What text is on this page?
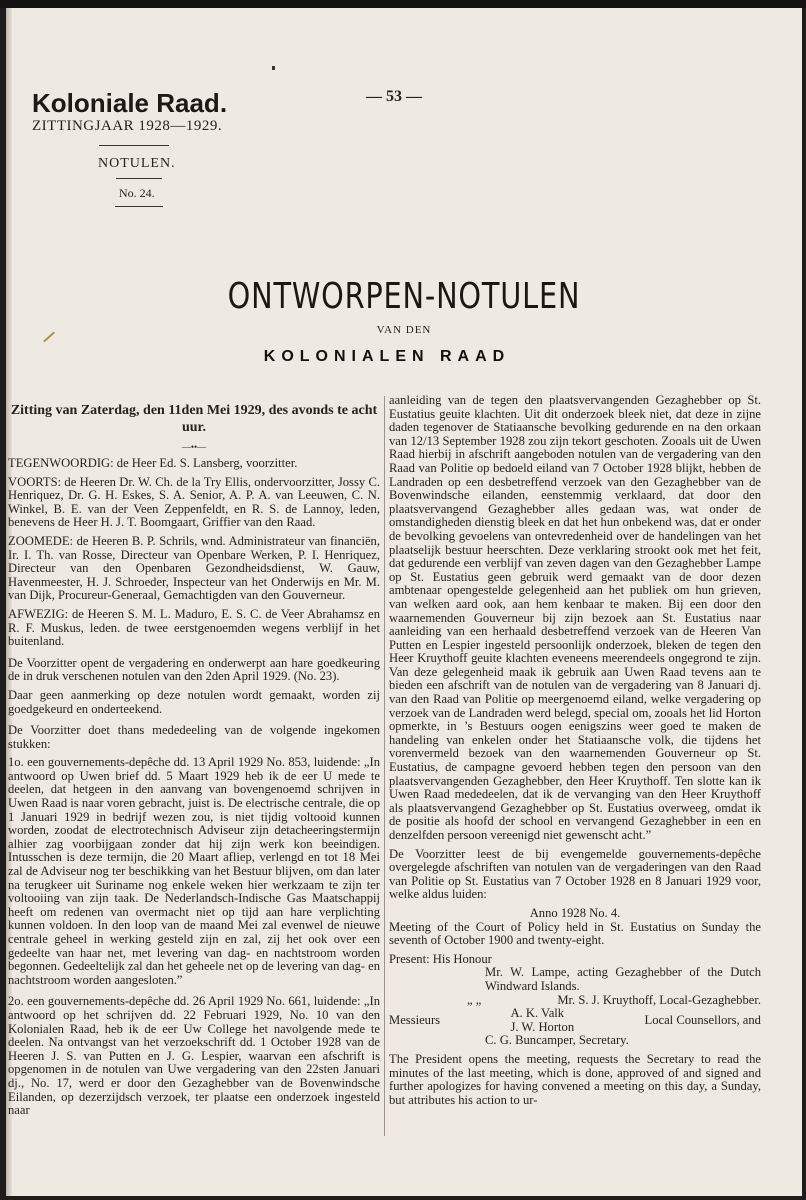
Koloniale Raad.	— 53 —
ZITTINGJAAR 1928—1929.
NOTULEN.
No. 24.
ONTWORPEN-NOTULEN
VAN DEN
KOLONIALEN RAAD
Zitting van Zaterdag, den 11den Mei 1929, des avonds te acht uur.
—••—
TEGENWOORDIG: de Heer Ed. S. Lansberg, voorzitter.
VOORTS: de Heeren Dr. W. Ch. de la Try Ellis, ondervoorzitter, Jossy C. Henriquez, Dr. G. H. Eskes, S. A. Senior, A. P. A. van Leeuwen, C. N. Winkel, B. E. van der Veen Zeppenfeldt, en R. S. de Lannoy, leden, benevens de Heer H. J. T. Boomgaart, Griffier van den Raad.
ZOOMEDE: de Heeren B. P. Schrils, wnd. Administrateur van financiën, Ir. I. Th. van Rosse, Directeur van Openbare Werken, P. I. Henriquez, Directeur van den Openbaren Gezondheidsdienst, W. Gauw, Havenmeester, H. J. Schroeder, Inspecteur van het Onderwijs en Mr. M. van Dijk, Procureur-Generaal, Gemachtigden van den Gouverneur.
AFWEZIG: de Heeren S. M. L. Maduro, E. S. C. de Veer Abrahamsz en R. F. Muskus, leden. de twee eerstgenoemden wegens verblijf in het buitenland.
De Voorzitter opent de vergadering en onderwerpt aan hare goedkeuring de in druk verschenen notulen van den 2den April 1929. (No. 23).
Daar geen aanmerking op deze notulen wordt gemaakt, worden zij goedgekeurd en onderteekend.
De Voorzitter doet thans mededeeling van de volgende ingekomen stukken:
1o. een gouvernements-depêche dd. 13 April 1929 No. 853, luidende: „In antwoord op Uwen brief dd. 5 Maart 1929 heb ik de eer U mede te deelen, dat hetgeen in den aanvang van bovengenoemd schrijven in Uwen Raad is naar voren gebracht, juist is. De electrische centrale, die op 1 Januari 1929 in bedrijf wezen zou, is niet tijdig voltooid kunnen worden, zoodat de electrotechnisch Adviseur zijn detacheeringstermijn alhier zag voorbijgaan zonder dat hij zijn werk kon beeindigen. Intusschen is deze termijn, die 20 Maart afliep, verlengd en tot 18 Mei zal de Adviseur nog ter beschikking van het Bestuur blijven, om dan later na terugkeer uit Suriname nog enkele weken hier werkzaam te zijn ter voltooiing van zijn taak. De Nederlandsch-Indische Gas Maatschappij heeft om redenen van overmacht niet op tijd aan hare verplichting kunnen voldoen. In den loop van de maand Mei zal evenwel de nieuwe centrale geheel in werking gesteld zijn en zal, zij het ook over een gedeelte van haar net, met levering van dag- en nachtstroom worden begonnen. Gedeeltelijk zal dan het geheele net op de levering van dag- en nachtstroom worden aangesloten.”
2o. een gouvernements-depêche dd. 26 April 1929 No. 661, luidende: „In antwoord op het schrijven dd. 22 Februari 1929, No. 10 van den Kolonialen Raad, heb ik de eer Uw College het navolgende mede te deelen. Na ontvangst van het verzoekschrift dd. 1 October 1928 van de Heeren J. S. van Putten en J. G. Lespier, waarvan een afschrift is opgenomen in de notulen van Uwe vergadering van den 22sten Januari dj., No. 17, werd er door den Gezaghebber van de Bovenwindsche Eilanden, op dezerzijdsch verzoek, ter plaatse een onderzoek ingesteld naar
aanleiding van de tegen den plaatsvervangenden Gezaghebber op St. Eustatius geuite klachten. Uit dit onderzoek bleek niet, dat deze in zijne daden tegenover de Statiaansche bevolking gedurende en na den orkaan van 12/13 September 1928 zou zijn tekort geschoten. Zooals uit de Uwen Raad hierbij in afschrift aangeboden notulen van de vergadering van den Raad van Politie op bedoeld eiland van 7 October 1928 blijkt, hebben de Landraden op een desbetreffend verzoek van den Gezaghebber van de Bovenwindsche eilanden, eenstemmig verklaard, dat door den plaatsvervangend Gezaghebber alles gedaan was, wat onder de omstandigheden dienstig bleek en dat het hun onbekend was, dat er onder de bevolking gevoelens van ontevredenheid over de handelingen van het plaatselijk bestuur heerschten. Deze verklaring strookt ook met het feit, dat gedurende een verblijf van zeven dagen van den Gezaghebber Lampe op St. Eustatius geen gebruik werd gemaakt van de door dezen ambtenaar opengestelde gelegenheid aan het publiek om hun grieven, van welken aard ook, aan hem kenbaar te maken. Bij een door den waarnemenden Gouverneur bij zijn bezoek aan St. Eustatius naar aanleiding van een herhaald desbetreffend verzoek van de Heeren Van Putten en Lespier ingesteld persoonlijk onderzoek, bleken de tegen den Heer Kruythoff geuite klachten eveneens meerendeels ongegrond te zijn. Van deze gelegenheid maak ik gebruik aan Uwen Raad tevens aan te bieden een afschrift van de notulen van de vergadering van 8 Januari dj. van den Raad van Politie op meergenoemd eiland, welke vergadering op verzoek van de Landraden werd belegd, special om, zooals het lid Horton opmerkte, in ’s Bestuurs oogen eenigszins weer goed te maken de handeling van enkelen onder het Statiaansche volk, die tijdens het vorenvermeld bezoek van den waarnemenden Gouverneur op St. Eustatius, de campagne gevoerd hebben tegen den persoon van den plaatsvervangenden Gezaghebber, den Heer Kruythoff. Ten slotte kan ik Uwen Raad mededeelen, dat ik de vervanging van den Heer Kruythoff als plaatsvervangend Gezaghebber op St. Eustatius overweeg, omdat ik de positie als hoofd der school en vervangend Gezaghebber in een en denzelfden persoon vereenigd niet gewenscht acht.”
De Voorzitter leest de bij evengemelde gouvernements-depêche overgelegde afschriften van notulen van de vergaderingen van den Raad van Politie op St. Eustatius van 7 October 1928 en 8 Januari 1929 voor, welke aldus luiden:
Anno 1928 No. 4.
Meeting of the Court of Policy held in St. Eustatius on Sunday the seventh of October 1900 and twenty-eight.
Present: His Honour
Mr. W. Lampe, acting Gezaghebber of the Dutch Windward Islands.
„ „	Mr. S. J. Kruythoff, Local-Gezaghebber.
Messieurs	A. K. Valk
J. W. Horton	Local Counsellors, and
C. G. Buncamper, Secretary.
The President opens the meeting, requests the Secretary to read the minutes of the last meeting, which is done, approved of and signed and further apologizes for having convened a meeting on this day, a Sunday, but attributes his action to ur-
